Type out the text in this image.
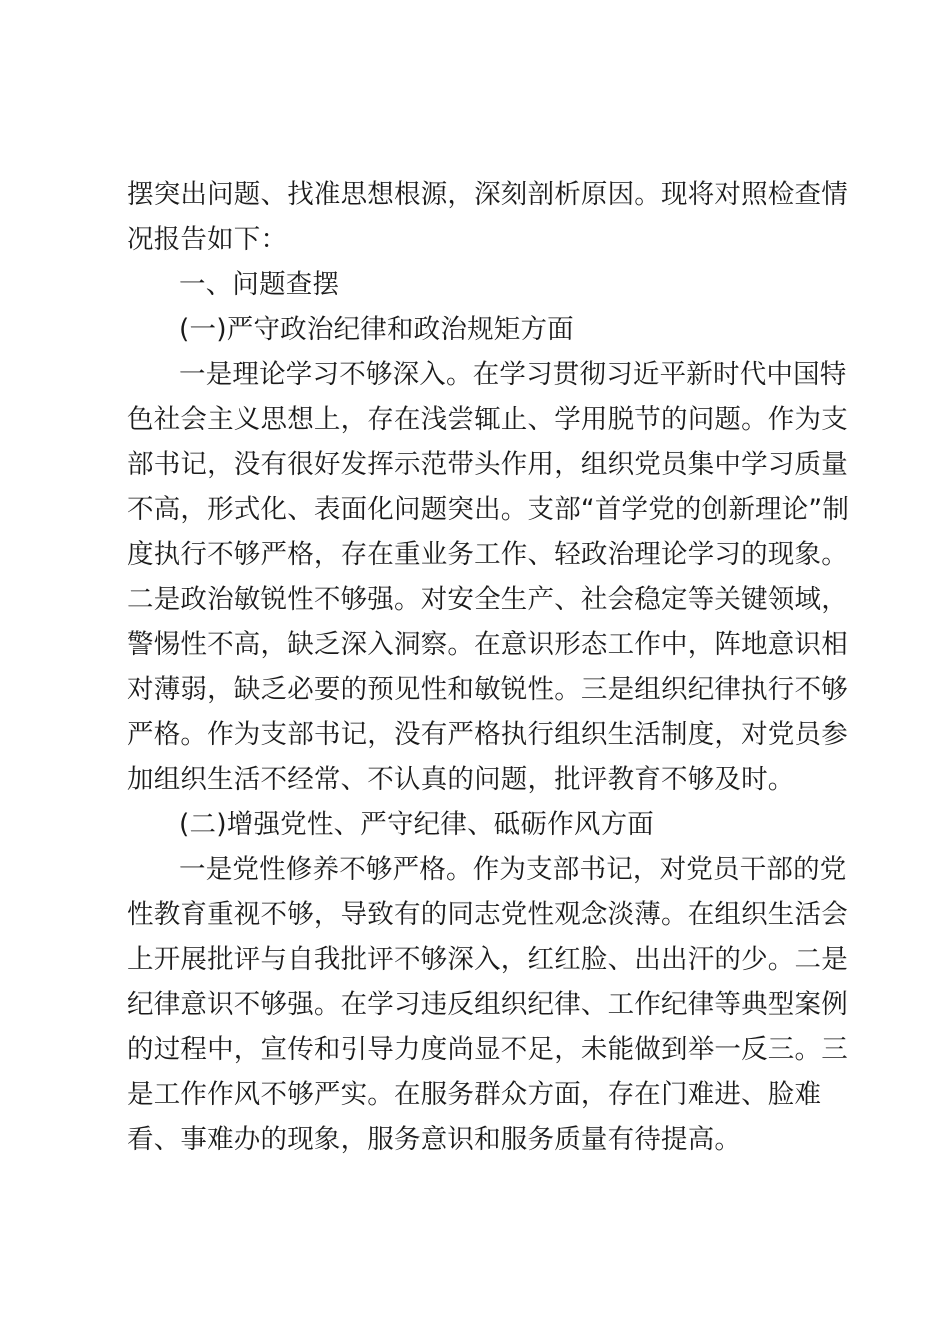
摆突出问题、找准思想根源，深刻剖析原因。现将对照检查情
况报告如下：
一、问题查摆
(一)严守政治纪律和政治规矩方面
一是理论学习不够深入。在学习贯彻习近平新时代中国特
色社会主义思想上，存在浅尝辄止、学用脱节的问题。作为支
部书记，没有很好发挥示范带头作用，组织党员集中学习质量
不高，形式化、表面化问题突出。支部“首学党的创新理论”制
度执行不够严格，存在重业务工作、轻政治理论学习的现象。
二是政治敏锐性不够强。对安全生产、社会稳定等关键领域，
警惕性不高，缺乏深入洞察。在意识形态工作中，阵地意识相
对薄弱，缺乏必要的预见性和敏锐性。三是组织纪律执行不够
严格。作为支部书记，没有严格执行组织生活制度，对党员参
加组织生活不经常、不认真的问题，批评教育不够及时。
(二)增强党性、严守纪律、砥砺作风方面
一是党性修养不够严格。作为支部书记，对党员干部的党
性教育重视不够，导致有的同志党性观念淡薄。在组织生活会
上开展批评与自我批评不够深入，红红脸、出出汗的少。二是
纪律意识不够强。在学习违反组织纪律、工作纪律等典型案例
的过程中，宣传和引导力度尚显不足，未能做到举一反三。三
是工作作风不够严实。在服务群众方面，存在门难进、脸难
看、事难办的现象，服务意识和服务质量有待提高。
